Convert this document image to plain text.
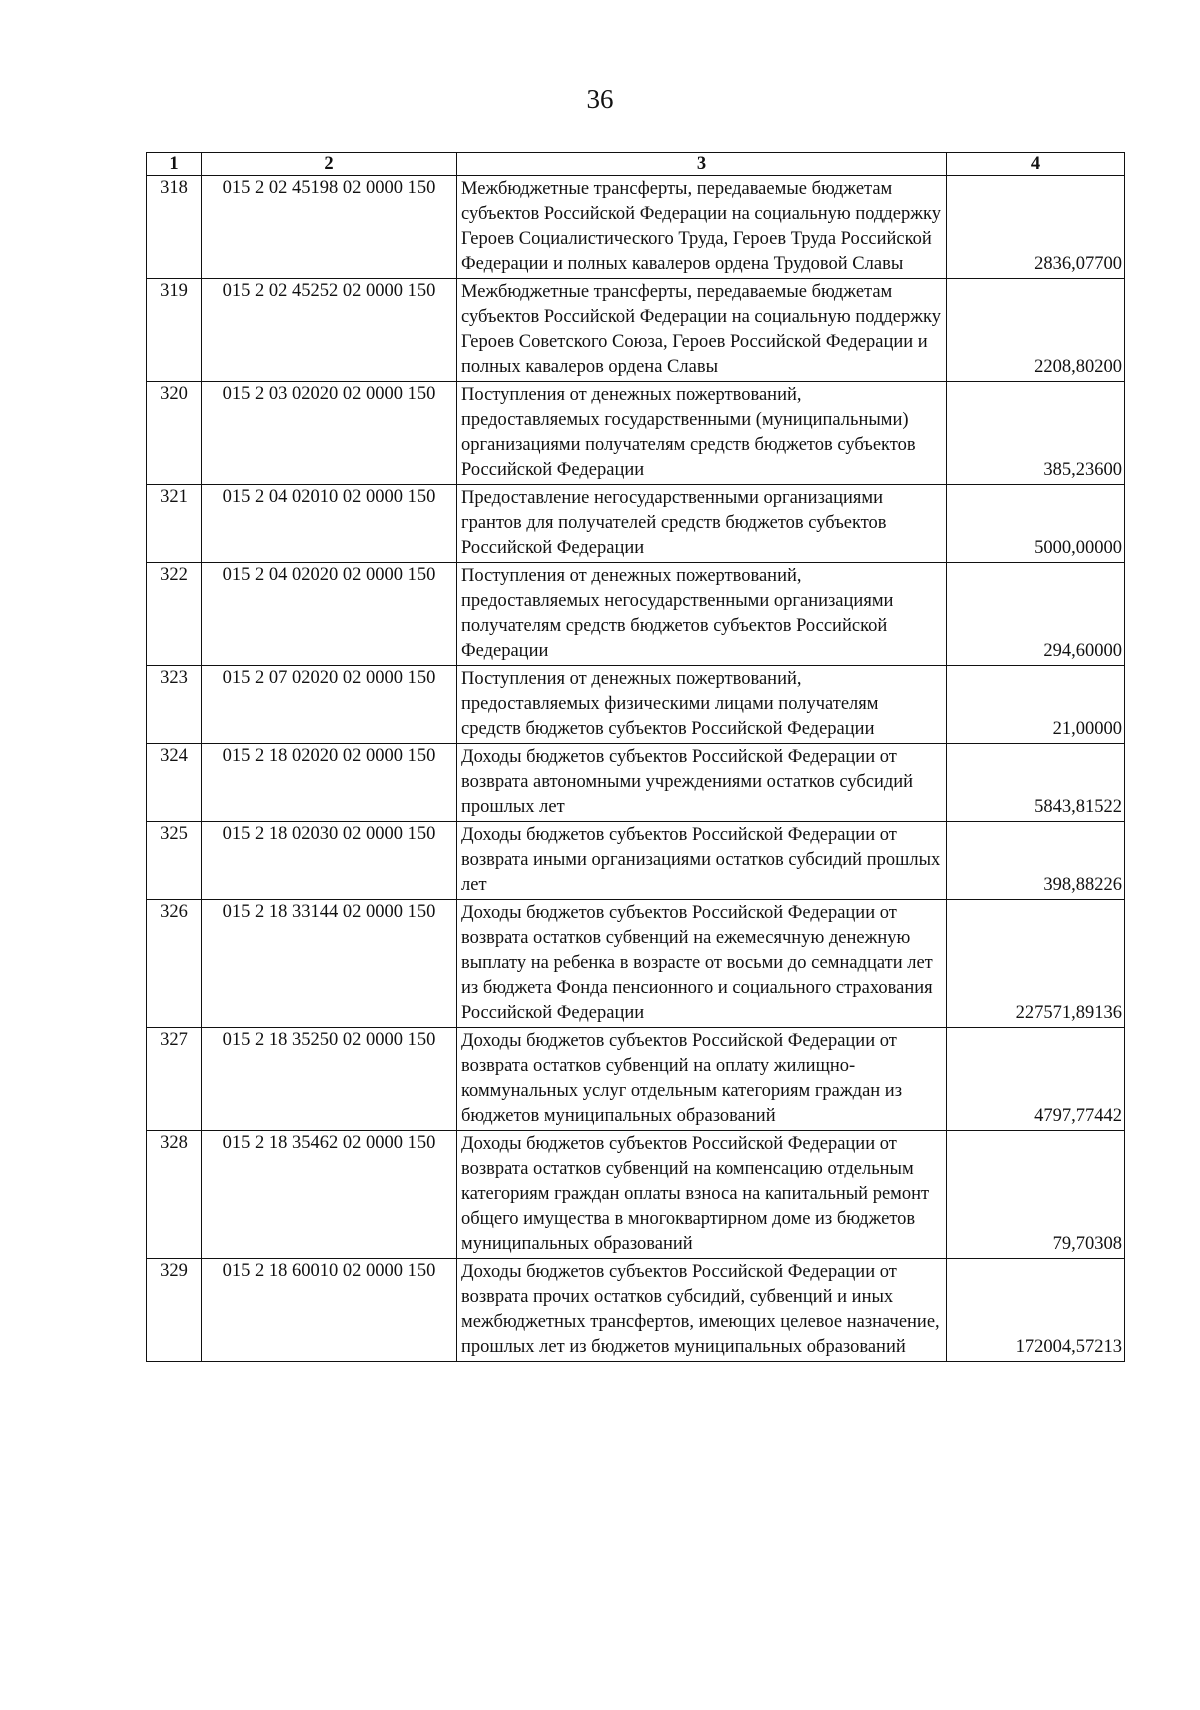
36
1	2	3	4
318	015 2 02 45198 02 0000 150	Межбюджетные трансферты, передаваемые бюджетам субъектов Российской Федерации на социальную поддержку Героев Социалистического Труда, Героев Труда Российской Федерации и полных кавалеров ордена Трудовой Славы	2836,07700
319	015 2 02 45252 02 0000 150	Межбюджетные трансферты, передаваемые бюджетам субъектов Российской Федерации на социальную поддержку Героев Советского Союза, Героев Российской Федерации и полных кавалеров ордена Славы	2208,80200
320	015 2 03 02020 02 0000 150	Поступления от денежных пожертвований, предоставляемых государственными (муниципальными) организациями получателям средств бюджетов субъектов Российской Федерации	385,23600
321	015 2 04 02010 02 0000 150	Предоставление негосударственными организациями грантов для получателей средств бюджетов субъектов Российской Федерации	5000,00000
322	015 2 04 02020 02 0000 150	Поступления от денежных пожертвований, предоставляемых негосударственными организациями получателям средств бюджетов субъектов Российской Федерации	294,60000
323	015 2 07 02020 02 0000 150	Поступления от денежных пожертвований, предоставляемых физическими лицами получателям средств бюджетов субъектов Российской Федерации	21,00000
324	015 2 18 02020 02 0000 150	Доходы бюджетов субъектов Российской Федерации от возврата автономными учреждениями остатков субсидий прошлых лет	5843,81522
325	015 2 18 02030 02 0000 150	Доходы бюджетов субъектов Российской Федерации от возврата иными организациями остатков субсидий прошлых лет	398,88226
326	015 2 18 33144 02 0000 150	Доходы бюджетов субъектов Российской Федерации от возврата остатков субвенций на ежемесячную денежную выплату на ребенка в возрасте от восьми до семнадцати лет из бюджета Фонда пенсионного и социального страхования Российской Федерации	227571,89136
327	015 2 18 35250 02 0000 150	Доходы бюджетов субъектов Российской Федерации от возврата остатков субвенций на оплату жилищно-коммунальных услуг отдельным категориям граждан из бюджетов муниципальных образований	4797,77442
328	015 2 18 35462 02 0000 150	Доходы бюджетов субъектов Российской Федерации от возврата остатков субвенций на компенсацию отдельным категориям граждан оплаты взноса на капитальный ремонт общего имущества в многоквартирном доме из бюджетов муниципальных образований	79,70308
329	015 2 18 60010 02 0000 150	Доходы бюджетов субъектов Российской Федерации от возврата прочих остатков субсидий, субвенций и иных межбюджетных трансфертов, имеющих целевое назначение, прошлых лет из бюджетов муниципальных образований	172004,57213
